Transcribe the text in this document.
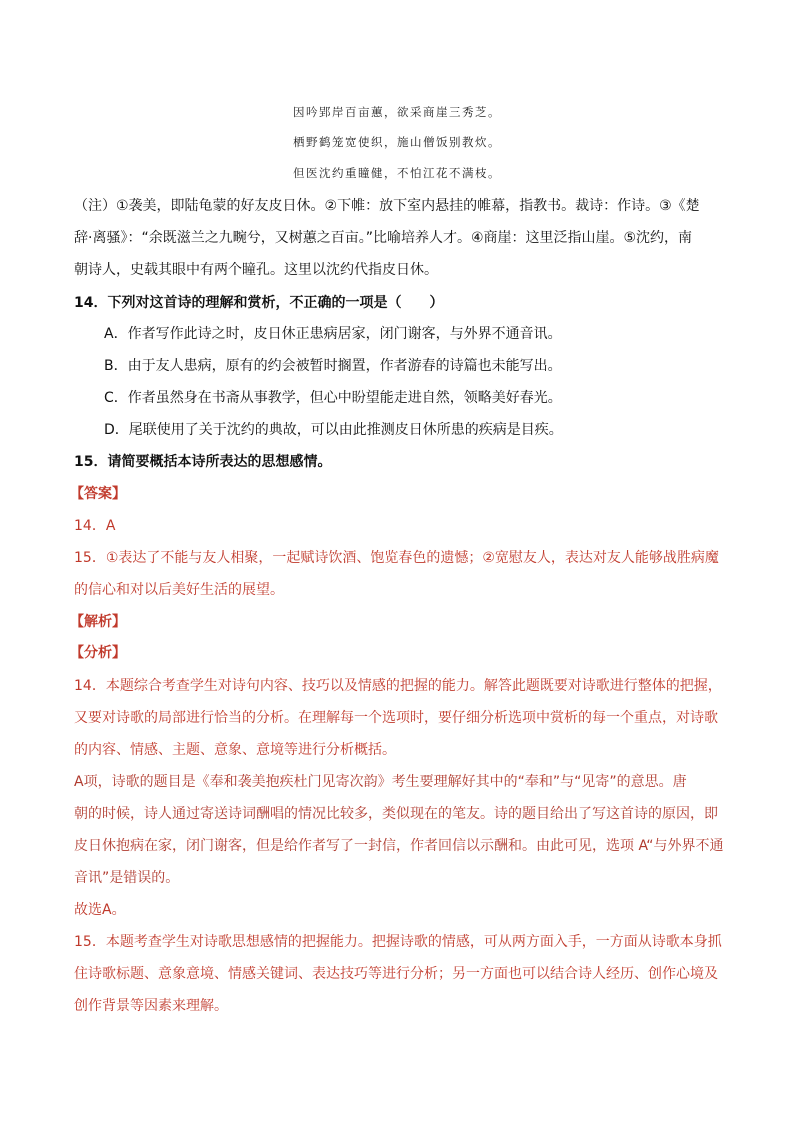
因吟郢岸百亩蕙，欲采商崖三秀芝。
栖野鹤笼宽使织，施山僧饭别教炊。
但医沈约重瞳健，不怕江花不满枝。
（注）①袭美，即陆龟蒙的好友皮日休。②下帷：放下室内悬挂的帷幕，指教书。裁诗：作诗。③《楚
辞·离骚》：“余既滋兰之九畹兮，又树蕙之百亩。”比喻培养人才。④商崖：这里泛指山崖。⑤沈约，南
朝诗人，史载其眼中有两个瞳孔。这里以沈约代指皮日休。
14．下列对这首诗的理解和赏析，不正确的一项是（　　）
A．作者写作此诗之时，皮日休正患病居家，闭门谢客，与外界不通音讯。
B．由于友人患病，原有的约会被暂时搁置，作者游春的诗篇也未能写出。
C．作者虽然身在书斋从事教学，但心中盼望能走进自然，领略美好春光。
D．尾联使用了关于沈约的典故，可以由此推测皮日休所患的疾病是目疾。
15．请简要概括本诗所表达的思想感情。
【答案】
14．A
15．①表达了不能与友人相聚，一起赋诗饮酒、饱览春色的遗憾；②宽慰友人，表达对友人能够战胜病魔
的信心和对以后美好生活的展望。
【解析】
【分析】
14．本题综合考查学生对诗句内容、技巧以及情感的把握的能力。解答此题既要对诗歌进行整体的把握，
又要对诗歌的局部进行恰当的分析。在理解每一个选项时，要仔细分析选项中赏析的每一个重点，对诗歌
的内容、情感、主题、意象、意境等进行分析概括。
A项，诗歌的题目是《奉和袭美抱疾杜门见寄次韵》考生要理解好其中的“奉和”与“见寄”的意思。唐
朝的时候，诗人通过寄送诗词酬唱的情况比较多，类似现在的笔友。诗的题目给出了写这首诗的原因，即
皮日休抱病在家，闭门谢客，但是给作者写了一封信，作者回信以示酬和。由此可见，选项 A“与外界不通
音讯”是错误的。
故选A。
15．本题考查学生对诗歌思想感情的把握能力。把握诗歌的情感，可从两方面入手，一方面从诗歌本身抓
住诗歌标题、意象意境、情感关键词、表达技巧等进行分析；另一方面也可以结合诗人经历、创作心境及
创作背景等因素来理解。
